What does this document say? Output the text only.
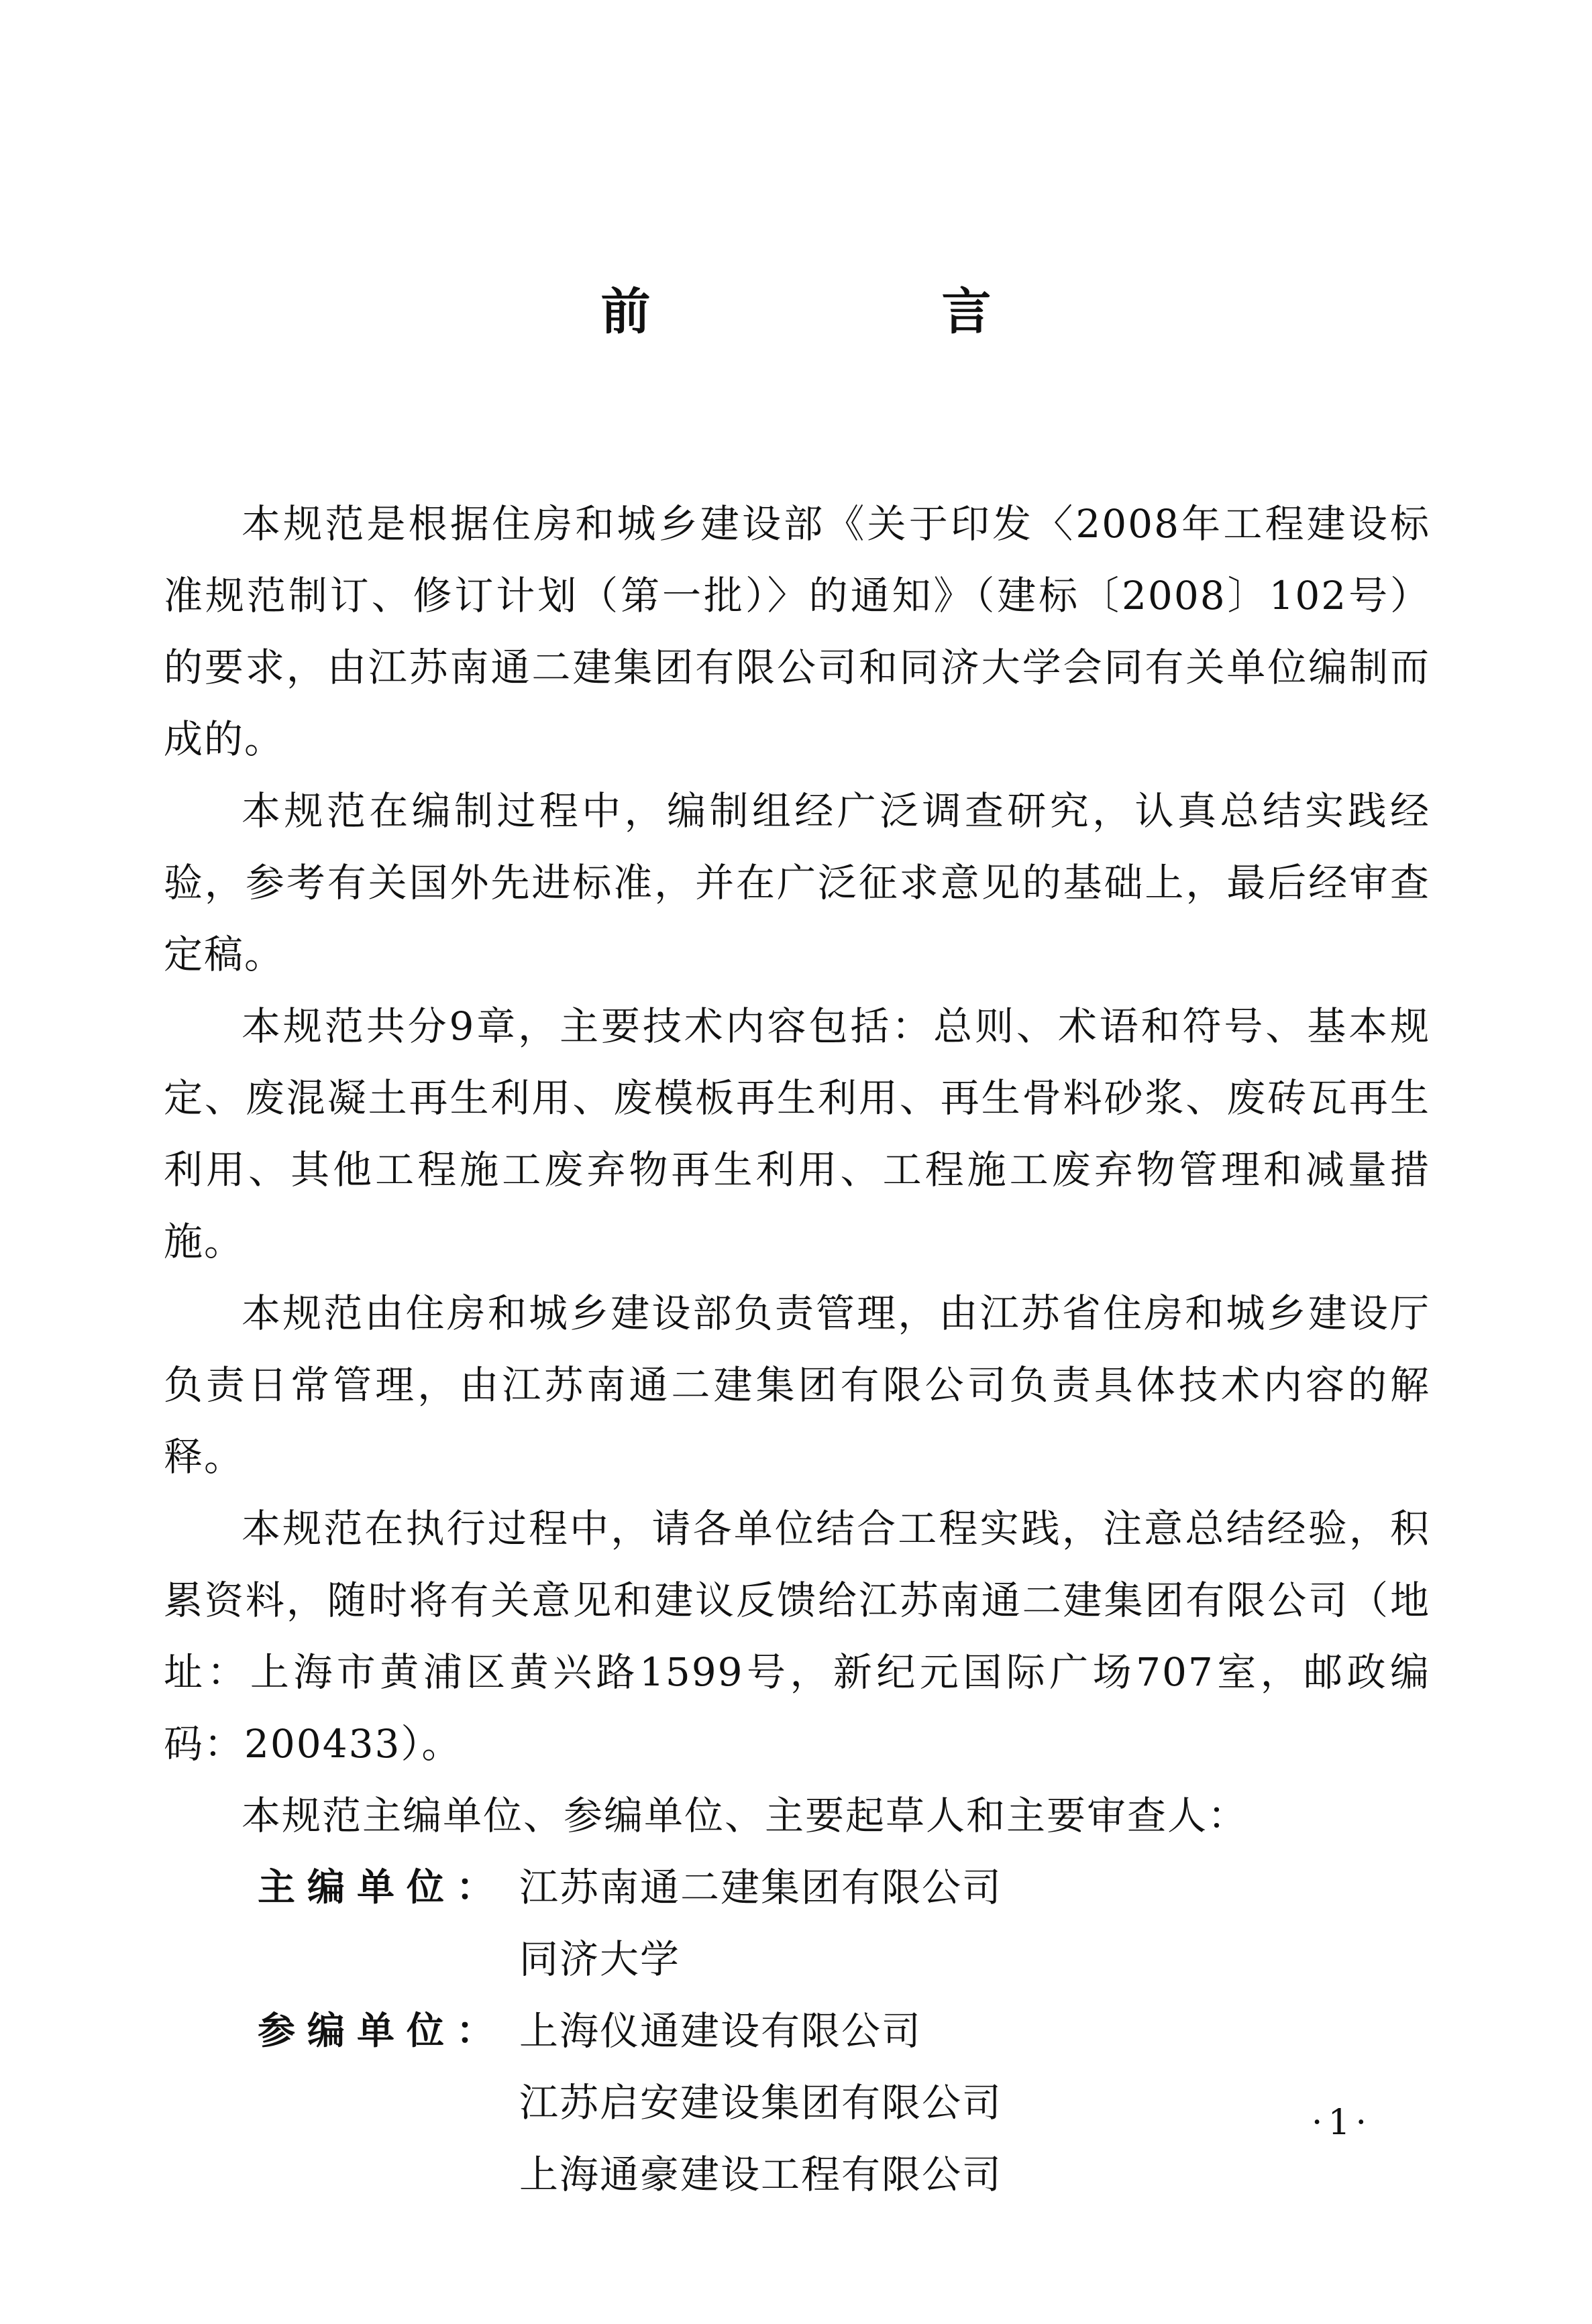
前　言

本规范是根据住房和城乡建设部《关于印发〈2008年工程建设标准规范制订、修订计划（第一批）〉的通知》（建标〔2008〕102号）的要求，由江苏南通二建集团有限公司和同济大学会同有关单位编制而成的。

本规范在编制过程中，编制组经广泛调查研究，认真总结实践经验，参考有关国外先进标准，并在广泛征求意见的基础上，最后经审查定稿。

本规范共分9章，主要技术内容包括：总则、术语和符号、基本规定、废混凝土再生利用、废模板再生利用、再生骨料砂浆、废砖瓦再生利用、其他工程施工废弃物再生利用、工程施工废弃物管理和减量措施。

本规范由住房和城乡建设部负责管理，由江苏省住房和城乡建设厅负责日常管理，由江苏南通二建集团有限公司负责具体技术内容的解释。

本规范在执行过程中，请各单位结合工程实践，注意总结经验，积累资料，随时将有关意见和建议反馈给江苏南通二建集团有限公司（地址：上海市黄浦区黄兴路1599号，新纪元国际广场707室，邮政编码：200433）。

本规范主编单位、参编单位、主要起草人和主要审查人：

主编单位： 江苏南通二建集团有限公司
同济大学
参编单位： 上海仪通建设有限公司
江苏启安建设集团有限公司
上海通豪建设工程有限公司
·1·
